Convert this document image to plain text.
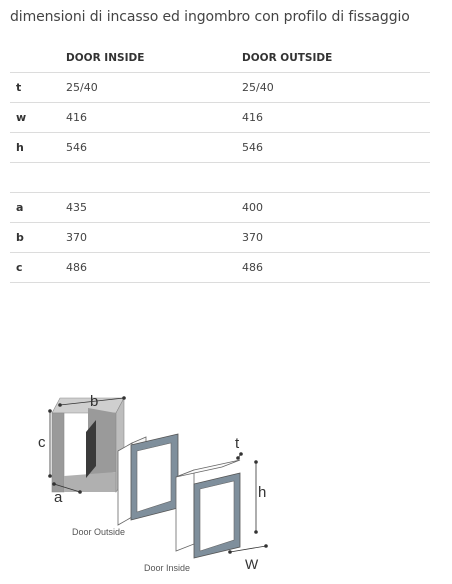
dimensioni di incasso ed ingombro con profilo di fissaggio
	DOOR INSIDE	DOOR OUTSIDE
t	25/40	25/40
w	416	416
h	546	546

a	435	400
b	370	370
c	486	486
b
c
a
t
h
W
Door Outside
Door Inside
